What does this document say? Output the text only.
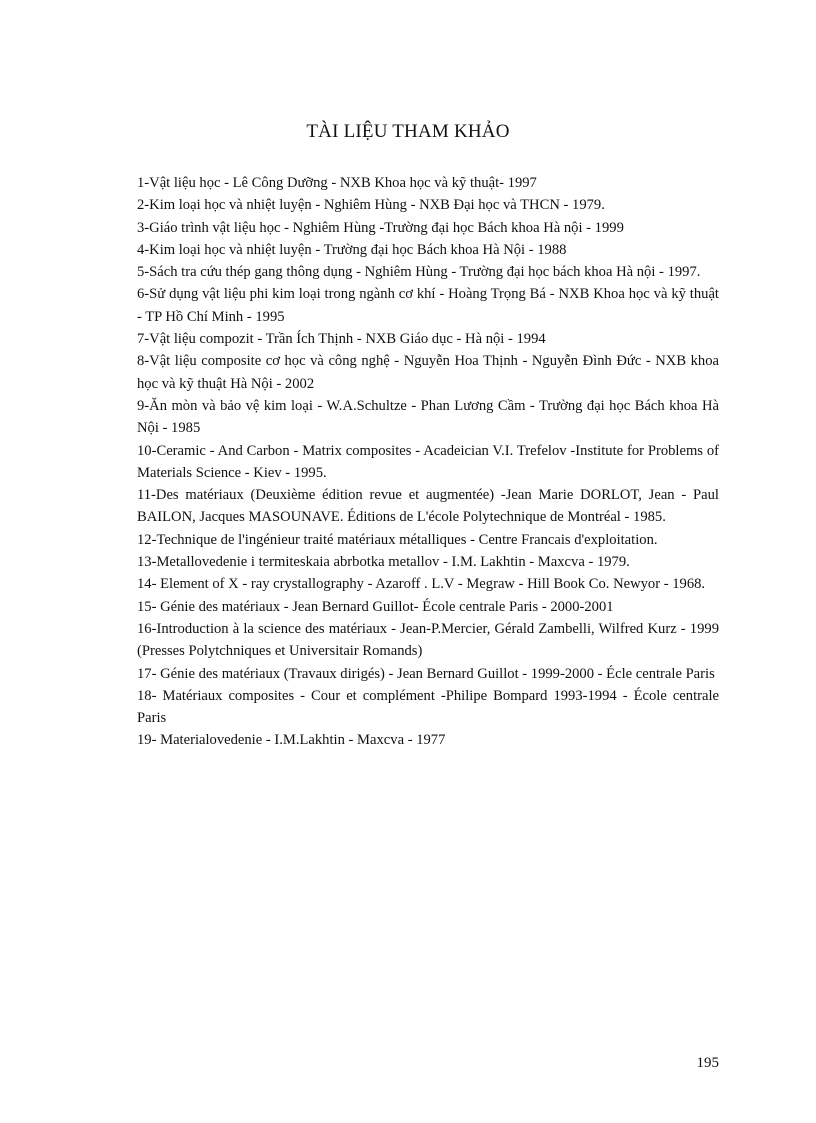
TÀI LIỆU THAM KHẢO
1-Vật liệu học - Lê Công Dưỡng - NXB Khoa học và kỹ thuật- 1997
2-Kim loại học và nhiệt luyện - Nghiêm Hùng - NXB Đại học và THCN - 1979.
3-Giáo trình vật liệu học - Nghiêm Hùng -Trường đại học Bách khoa Hà nội - 1999
4-Kim loại học và nhiệt luyện - Trường đại học Bách khoa Hà Nội - 1988
5-Sách tra cứu thép gang thông dụng - Nghiêm Hùng - Trường đại học bách khoa Hà nội - 1997.
6-Sử dụng vật liệu phi kim loại trong ngành cơ khí - Hoàng Trọng Bá - NXB Khoa học và kỹ thuật - TP Hồ Chí Minh - 1995
7-Vật liệu compozit - Trần Ích Thịnh - NXB Giáo dục - Hà nội - 1994
8-Vật liệu composite cơ học và công nghệ - Nguyễn Hoa Thịnh - Nguyễn Đình Đức - NXB khoa học và kỹ thuật Hà Nội - 2002
9-Ăn mòn và bảo vệ kim loại - W.A.Schultze - Phan Lương Cầm - Trường đại học Bách khoa Hà Nội - 1985
10-Ceramic - And Carbon - Matrix composites - Acadeician V.I. Trefelov -Institute for Problems of Materials Science - Kiev - 1995.
11-Des matériaux (Deuxième édition revue et augmentée) -Jean Marie DORLOT, Jean - Paul BAILON, Jacques MASOUNAVE. Éditions de L'école Polytechnique de Montréal - 1985.
12-Technique de l'ingénieur traité matériaux métalliques - Centre Francais d'exploitation.
13-Metallovedenie i termiteskaia abrbotka metallov - I.M. Lakhtin - Maxcva - 1979.
14- Element of X - ray crystallography - Azaroff . L.V - Megraw - Hill Book Co. Newyor - 1968.
15- Génie des matériaux - Jean Bernard Guillot- École centrale Paris - 2000-2001
16-Introduction à la science des matériaux - Jean-P.Mercier, Gérald Zambelli, Wilfred Kurz - 1999 (Presses Polytchniques et Universitair Romands)
17- Génie des matériaux (Travaux dirigés) - Jean Bernard Guillot - 1999-2000 - Écle centrale Paris
18- Matériaux composites - Cour et complément -Philipe Bompard 1993-1994 - École centrale Paris
19- Materialovedenie - I.M.Lakhtin - Maxcva - 1977
195
